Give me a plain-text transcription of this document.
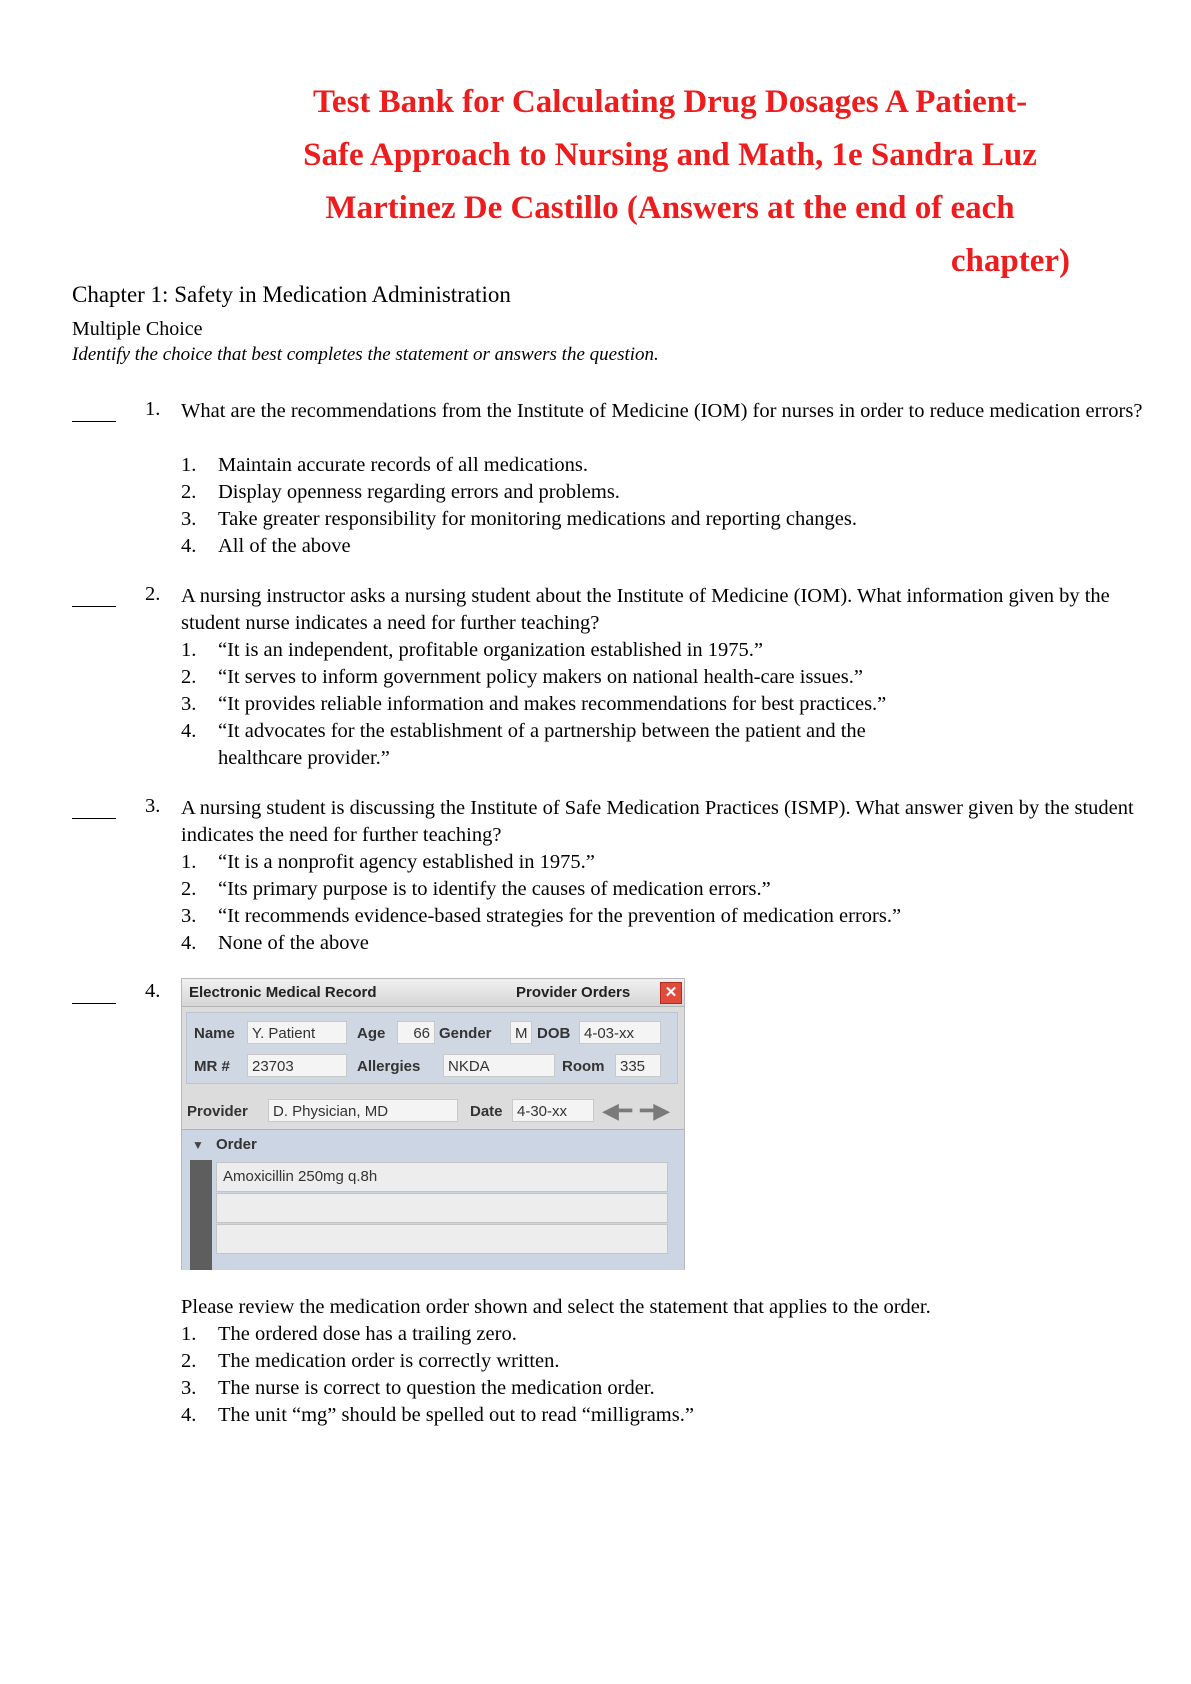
Test Bank for Calculating Drug Dosages A Patient-
Safe Approach to Nursing and Math, 1e Sandra Luz
Martinez De Castillo (Answers at the end of each
chapter)
Chapter 1: Safety in Medication Administration
Multiple Choice
Identify the choice that best completes the statement or answers the question.
1. What are the recommendations from the Institute of Medicine (IOM) for nurses in order to reduce medication errors?
1. Maintain accurate records of all medications.
2. Display openness regarding errors and problems.
3. Take greater responsibility for monitoring medications and reporting changes.
4. All of the above
2. A nursing instructor asks a nursing student about the Institute of Medicine (IOM). What information given by the student nurse indicates a need for further teaching?
1. “It is an independent, profitable organization established in 1975.”
2. “It serves to inform government policy makers on national health-care issues.”
3. “It provides reliable information and makes recommendations for best practices.”
4. “It advocates for the establishment of a partnership between the patient and the healthcare provider.”
3. A nursing student is discussing the Institute of Safe Medication Practices (ISMP). What answer given by the student indicates the need for further teaching?
1. “It is a nonprofit agency established in 1975.”
2. “Its primary purpose is to identify the causes of medication errors.”
3. “It recommends evidence-based strategies for the prevention of medication errors.”
4. None of the above
4.
Please review the medication order shown and select the statement that applies to the order.
1. The ordered dose has a trailing zero.
2. The medication order is correctly written.
3. The nurse is correct to question the medication order.
4. The unit “mg” should be spelled out to read “milligrams.”
Electronic Medical Record	Provider Orders	✕
Name	Y. Patient	Age	66 Gender	M DOB 4-03-xx
MR #	23703	Allergies	NKDA	Room	335
Provider	D. Physician, MD	Date 4-30-xx	◀━ ━▶
▼ Order
Amoxicillin 250mg q.8h
